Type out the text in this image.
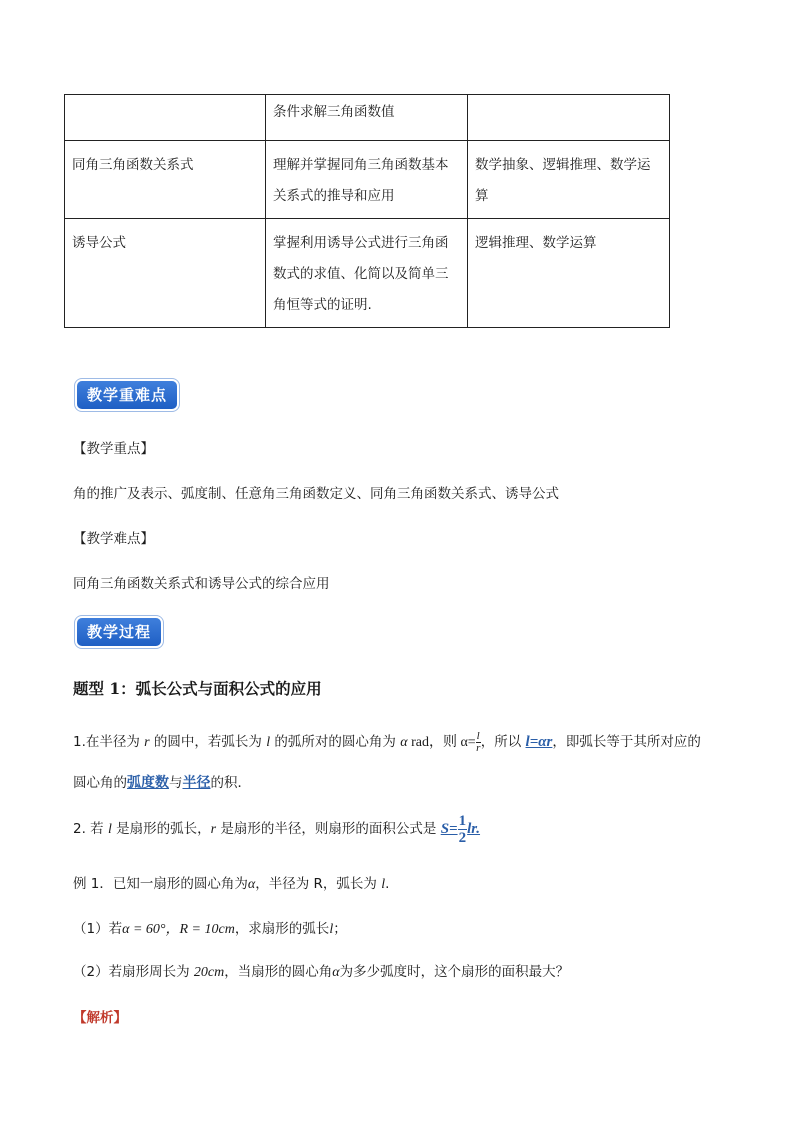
	条件求解三角函数值	
同角三角函数关系式	理解并掌握同角三角函数基本关系式的推导和应用	数学抽象、逻辑推理、数学运算
诱导公式	掌握利用诱导公式进行三角函数式的求值、化简以及简单三角恒等式的证明.	逻辑推理、数学运算
教学重难点
【教学重点】
角的推广及表示、弧度制、任意角三角函数定义、同角三角函数关系式、诱导公式
【教学难点】
同角三角函数关系式和诱导公式的综合应用
教学过程
题型 1：弧长公式与面积公式的应用
1.在半径为 r 的圆中，若弧长为 l 的弧所对的圆心角为 α rad，则 $\alpha= \frac{l}{r}$ ，所以 l=αr，即弧长等于其所对应的
圆心角的弧度数与半径的积．
2. 若 l 是扇形的弧长，r 是扇形的半径，则扇形的面积公式是 $S= \frac{1}{2}$ lr.
例 1．已知一扇形的圆心角为α，半径为 R，弧长为 l.
（1）若α = 60°，R = 10cm，求扇形的弧长l；
（2）若扇形周长为 20cm，当扇形的圆心角α为多少弧度时，这个扇形的面积最大？
【解析】
